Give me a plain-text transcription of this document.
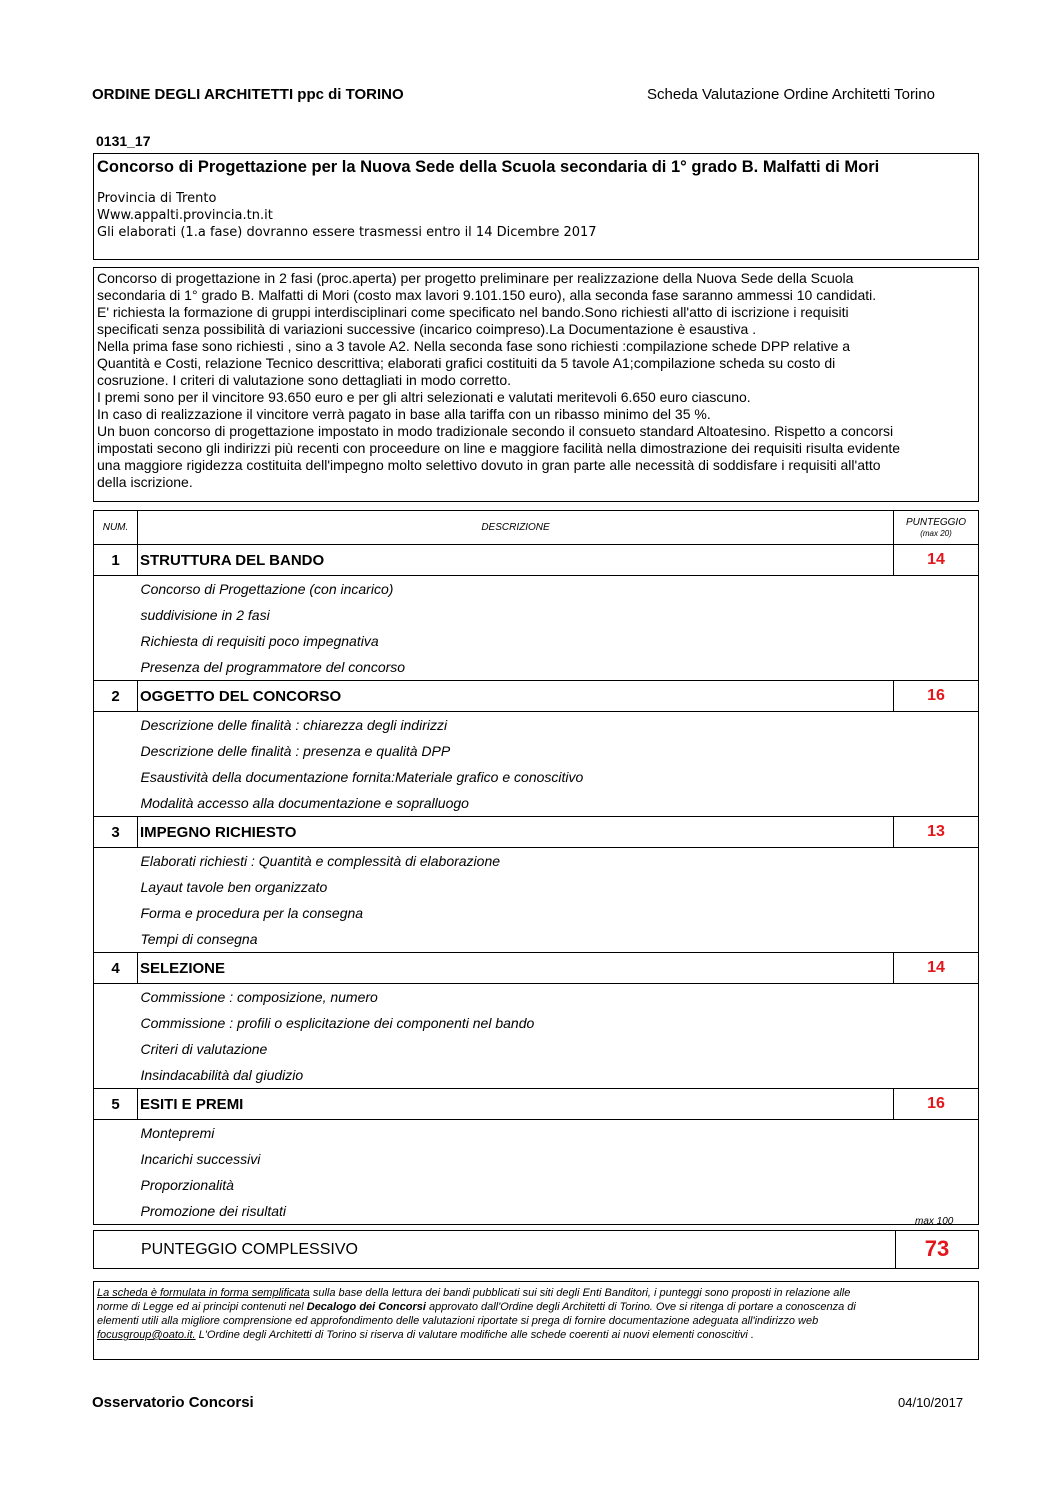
ORDINE DEGLI ARCHITETTI ppc di TORINO	Scheda Valutazione Ordine Architetti Torino
0131_17
Concorso di Progettazione per la Nuova Sede della Scuola secondaria di 1° grado B. Malfatti di Mori
Provincia di Trento
Www.appalti.provincia.tn.it
Gli elaborati (1.a fase) dovranno essere trasmessi entro il 14 Dicembre 2017
Concorso di progettazione in 2 fasi (proc.aperta) per progetto preliminare per realizzazione della Nuova Sede della Scuola
secondaria di 1° grado B. Malfatti di Mori (costo max lavori 9.101.150 euro), alla seconda fase saranno ammessi 10 candidati.
E' richiesta la formazione di gruppi interdisciplinari come specificato nel bando.Sono richiesti all'atto di iscrizione i requisiti
specificati senza possibilità di variazioni successive (incarico coimpreso).La Documentazione è esaustiva .
Nella prima fase sono richiesti , sino a 3 tavole A2. Nella seconda fase sono richiesti :compilazione schede DPP relative a
Quantità e Costi, relazione Tecnico descrittiva; elaborati grafici costituiti da 5 tavole A1;compilazione scheda su costo di
cosruzione. I criteri di valutazione sono dettagliati in modo corretto.
I premi sono per il vincitore 93.650 euro e per gli altri selezionati e valutati meritevoli 6.650 euro ciascuno.
In caso di realizzazione il vincitore verrà pagato in base alla tariffa con un ribasso minimo del 35 %.
Un buon concorso di progettazione impostato in modo tradizionale secondo il consueto standard Altoatesino. Rispetto a concorsi
impostati secono gli indirizzi più recenti con proceedure on line e maggiore facilità nella dimostrazione dei requisiti risulta evidente
una maggiore rigidezza costituita dell'impegno molto selettivo dovuto in gran parte alle necessità di soddisfare i requisiti all'atto
della iscrizione.
NUM.	DESCRIZIONE	PUNTEGGIO
(max 20)

1	STRUTTURA DEL BANDO	14

	Concorso di Progettazione (con incarico)
suddivisione in 2 fasi
Richiesta di requisiti poco impegnativa
Presenza del programmatore del concorso	

2	OGGETTO DEL CONCORSO	16

	Descrizione delle finalità : chiarezza degli indirizzi
Descrizione delle finalità : presenza e qualità DPP
Esaustività della documentazione fornita:Materiale grafico e conoscitivo
Modalità accesso alla documentazione e sopralluogo	

3	IMPEGNO RICHIESTO	13

	Elaborati richiesti : Quantità e complessità di elaborazione
Layaut tavole ben organizzato
Forma e procedura per la consegna
Tempi di consegna	

4	SELEZIONE	14

	Commissione : composizione, numero
Commissione : profili o esplicitazione dei componenti nel bando
Criteri di valutazione
Insindacabilità dal giudizio	

5	ESITI E PREMI	16

	Montepremi
Incarichi successivi
Proporzionalità
Promozione dei risultati	
max 100
PUNTEGGIO COMPLESSIVO	73
La scheda è formulata in forma semplificata sulla base della lettura dei bandi pubblicati sui siti degli Enti Banditori, i punteggi sono proposti in relazione alle
norme di Legge ed ai principi contenuti nel Decalogo dei Concorsi approvato dall'Ordine degli Architetti di Torino. Ove si ritenga di portare a conoscenza di
elementi utili alla migliore comprensione ed approfondimento delle valutazioni riportate si prega di fornire documentazione adeguata all'indirizzo web
focusgroup@oato.it. L'Ordine degli Architetti di Torino si riserva di valutare modifiche alle schede coerenti ai nuovi elementi conoscitivi .
Osservatorio Concorsi	04/10/2017
